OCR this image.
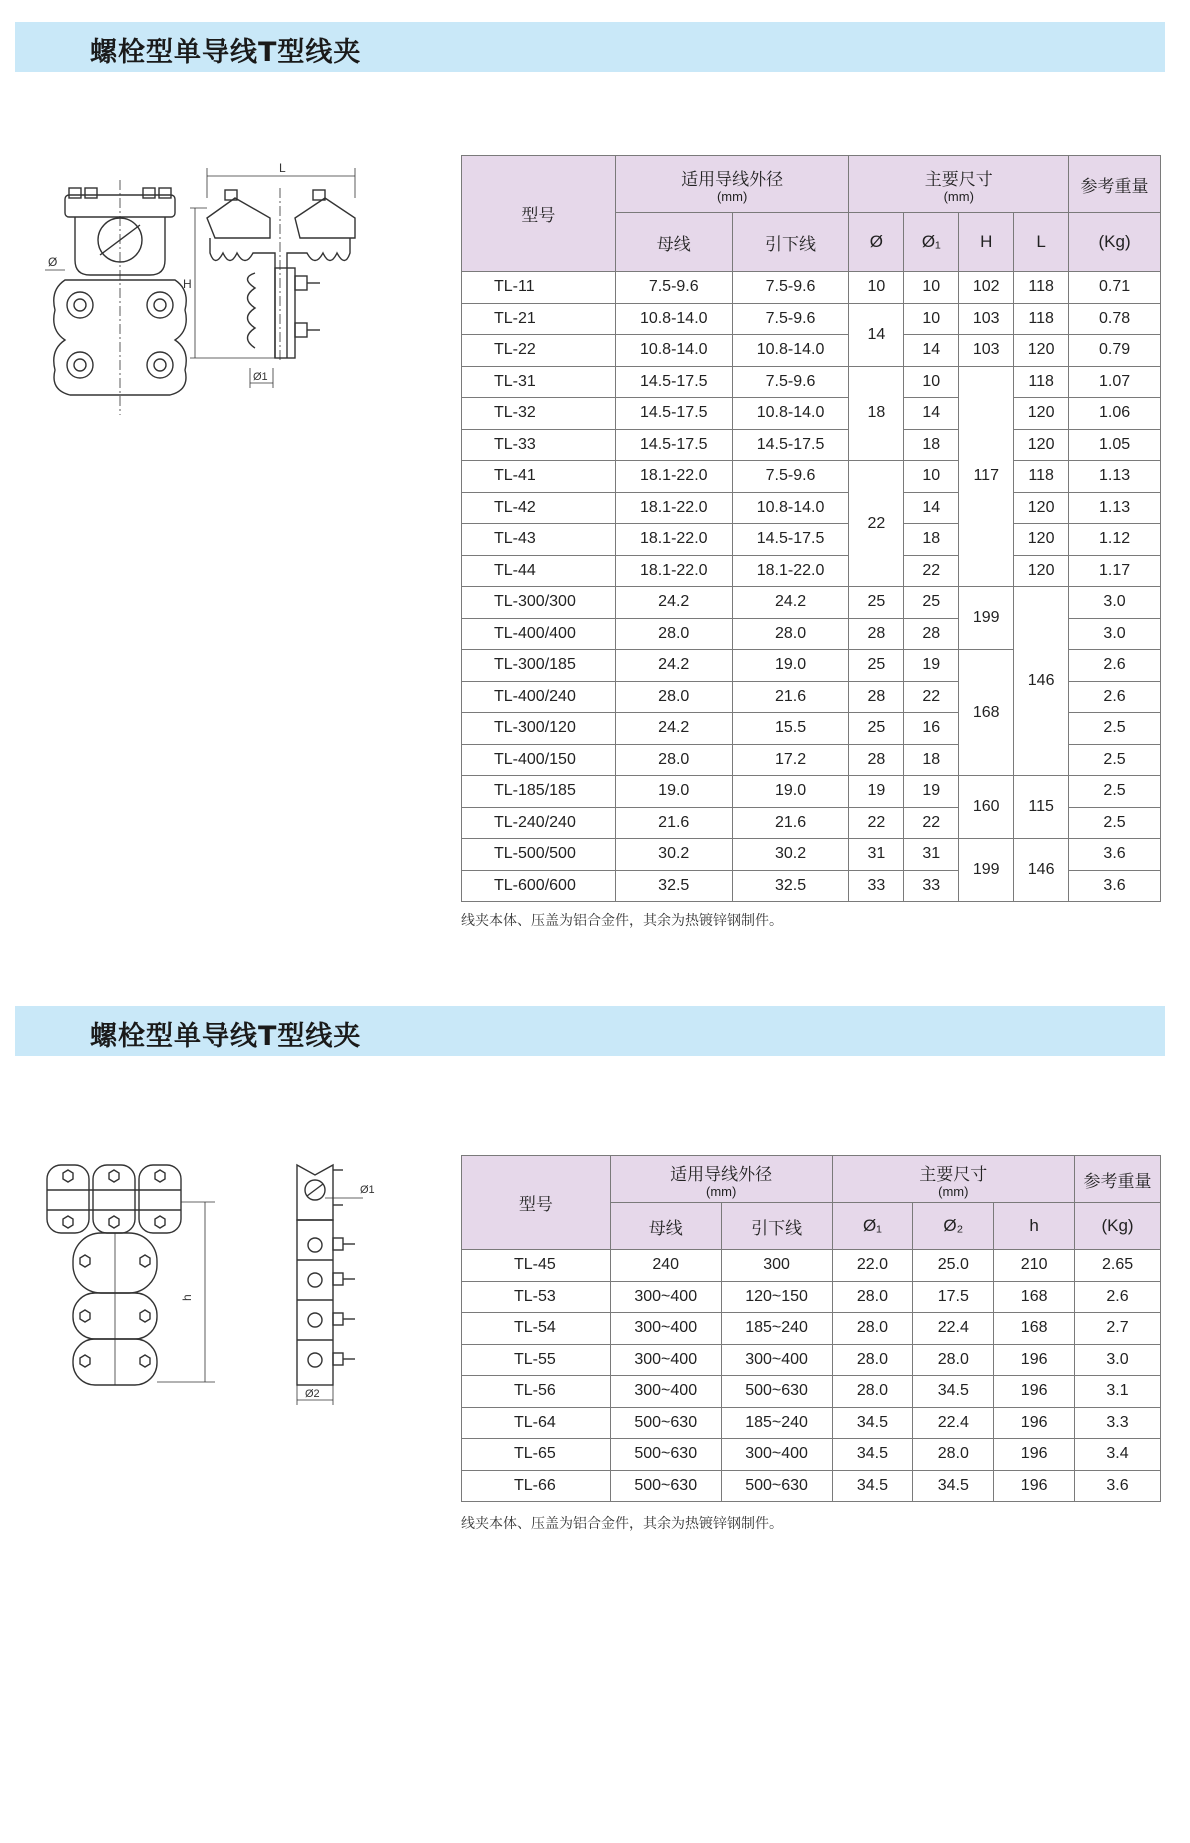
螺栓型单导线T型线夹
Ø
L
H
Ø1
型号	适用导线外径
(mm)		主要尺寸
(mm)				参考重量
	母线	引下线	Ø	Ø₁	H	L	(Kg)
TL-11	7.5-9.6	7.5-9.6	10	10	102	118	0.71
TL-21	10.8-14.0	7.5-9.6	14	10	103	118	0.78
TL-22	10.8-14.0	10.8-14.0		14	103	120	0.79
TL-31	14.5-17.5	7.5-9.6	18	10	117	118	1.07
TL-32	14.5-17.5	10.8-14.0		14		120	1.06
TL-33	14.5-17.5	14.5-17.5		18		120	1.05
TL-41	18.1-22.0	7.5-9.6	22	10		118	1.13
TL-42	18.1-22.0	10.8-14.0		14		120	1.13
TL-43	18.1-22.0	14.5-17.5		18		120	1.12
TL-44	18.1-22.0	18.1-22.0		22		120	1.17
TL-300/300	24.2	24.2	25	25	199	146	3.0
TL-400/400	28.0	28.0	28	28			3.0
TL-300/185	24.2	19.0	25	19	168		2.6
TL-400/240	28.0	21.6	28	22			2.6
TL-300/120	24.2	15.5	25	16			2.5
TL-400/150	28.0	17.2	28	18			2.5
TL-185/185	19.0	19.0	19	19	160	115	2.5
TL-240/240	21.6	21.6	22	22			2.5
TL-500/500	30.2	30.2	31	31	199	146	3.6
TL-600/600	32.5	32.5	33	33			3.6
线夹本体、压盖为铝合金件，其余为热镀锌钢制件。
螺栓型单导线T型线夹
h
Ø1
Ø2
型号	适用导线外径
(mm)		主要尺寸
(mm)			参考重量
	母线	引下线	Ø₁	Ø₂	h	(Kg)
TL-45	240	300	22.0	25.0	210	2.65
TL-53	300~400	120~150	28.0	17.5	168	2.6
TL-54	300~400	185~240	28.0	22.4	168	2.7
TL-55	300~400	300~400	28.0	28.0	196	3.0
TL-56	300~400	500~630	28.0	34.5	196	3.1
TL-64	500~630	185~240	34.5	22.4	196	3.3
TL-65	500~630	300~400	34.5	28.0	196	3.4
TL-66	500~630	500~630	34.5	34.5	196	3.6
线夹本体、压盖为铝合金件，其余为热镀锌钢制件。
